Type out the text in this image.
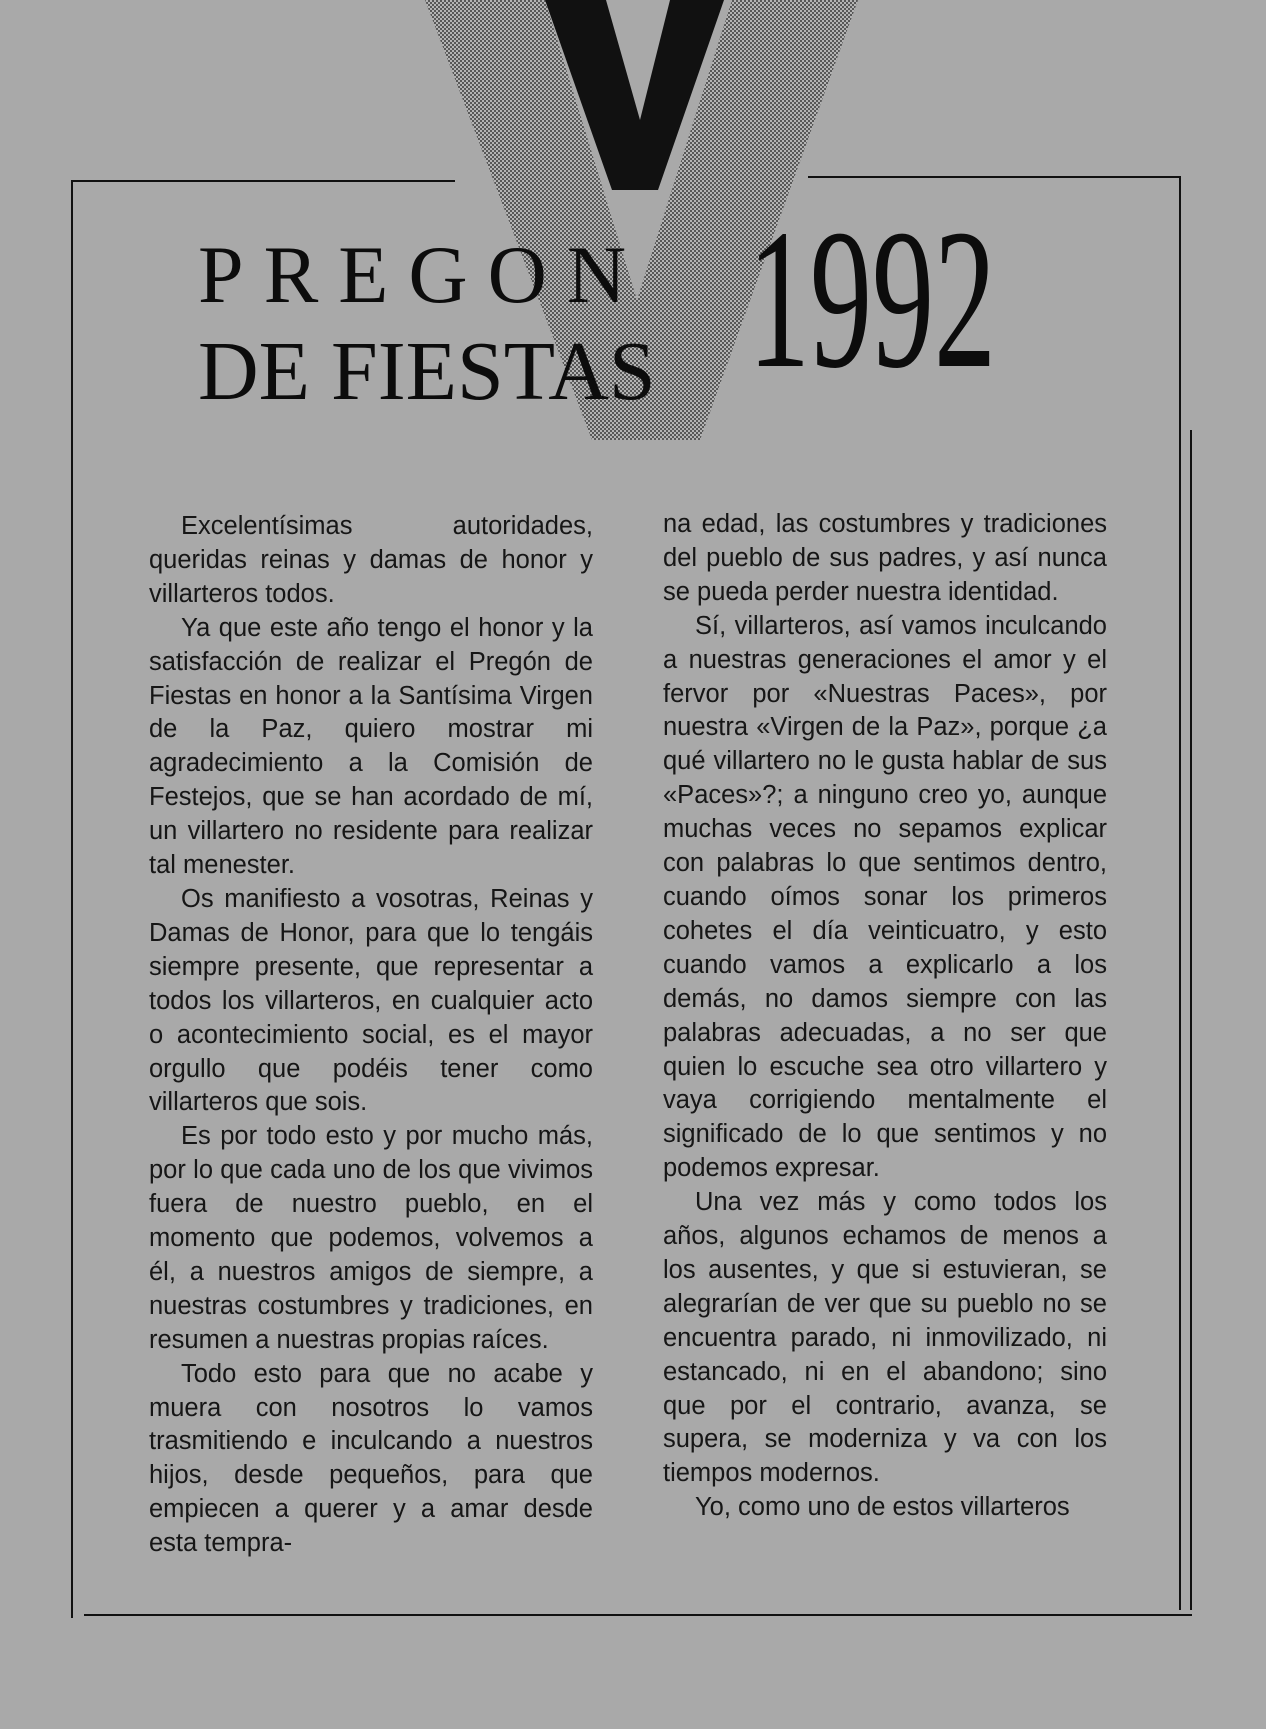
PREGON
DE FIESTAS 1992

Excelentísimas autoridades, queridas reinas y damas de honor y villarteros todos.

Ya que este año tengo el honor y la satisfacción de realizar el Pregón de Fiestas en honor a la Santísima Virgen de la Paz, quiero mostrar mi agradecimiento a la Comisión de Festejos, que se han acordado de mí, un villartero no residente para realizar tal menester.

Os manifiesto a vosotras, Reinas y Damas de Honor, para que lo tengáis siempre presente, que representar a todos los villarteros, en cualquier acto o acontecimiento social, es el mayor orgullo que podéis tener como villarteros que sois.

Es por todo esto y por mucho más, por lo que cada uno de los que vivimos fuera de nuestro pueblo, en el momento que podemos, volvemos a él, a nuestros amigos de siempre, a nuestras costumbres y tradiciones, en resumen a nuestras propias raíces.

Todo esto para que no acabe y muera con nosotros lo vamos trasmitiendo e inculcando a nuestros hijos, desde pequeños, para que empiecen a querer y a amar desde esta tempra-

na edad, las costumbres y tradiciones del pueblo de sus padres, y así nunca se pueda perder nuestra identidad.

Sí, villarteros, así vamos inculcando a nuestras generaciones el amor y el fervor por «Nuestras Paces», por nuestra «Virgen de la Paz», porque ¿a qué villartero no le gusta hablar de sus «Paces»?; a ninguno creo yo, aunque muchas veces no sepamos explicar con palabras lo que sentimos dentro, cuando oímos sonar los primeros cohetes el día veinticuatro, y esto cuando vamos a explicarlo a los demás, no damos siempre con las palabras adecuadas, a no ser que quien lo escuche sea otro villartero y vaya corrigiendo mentalmente el significado de lo que sentimos y no podemos expresar.

Una vez más y como todos los años, algunos echamos de menos a los ausentes, y que si estuvieran, se alegrarían de ver que su pueblo no se encuentra parado, ni inmovilizado, ni estancado, ni en el abandono; sino que por el contrario, avanza, se supera, se moderniza y va con los tiempos modernos.

Yo, como uno de estos villarteros
